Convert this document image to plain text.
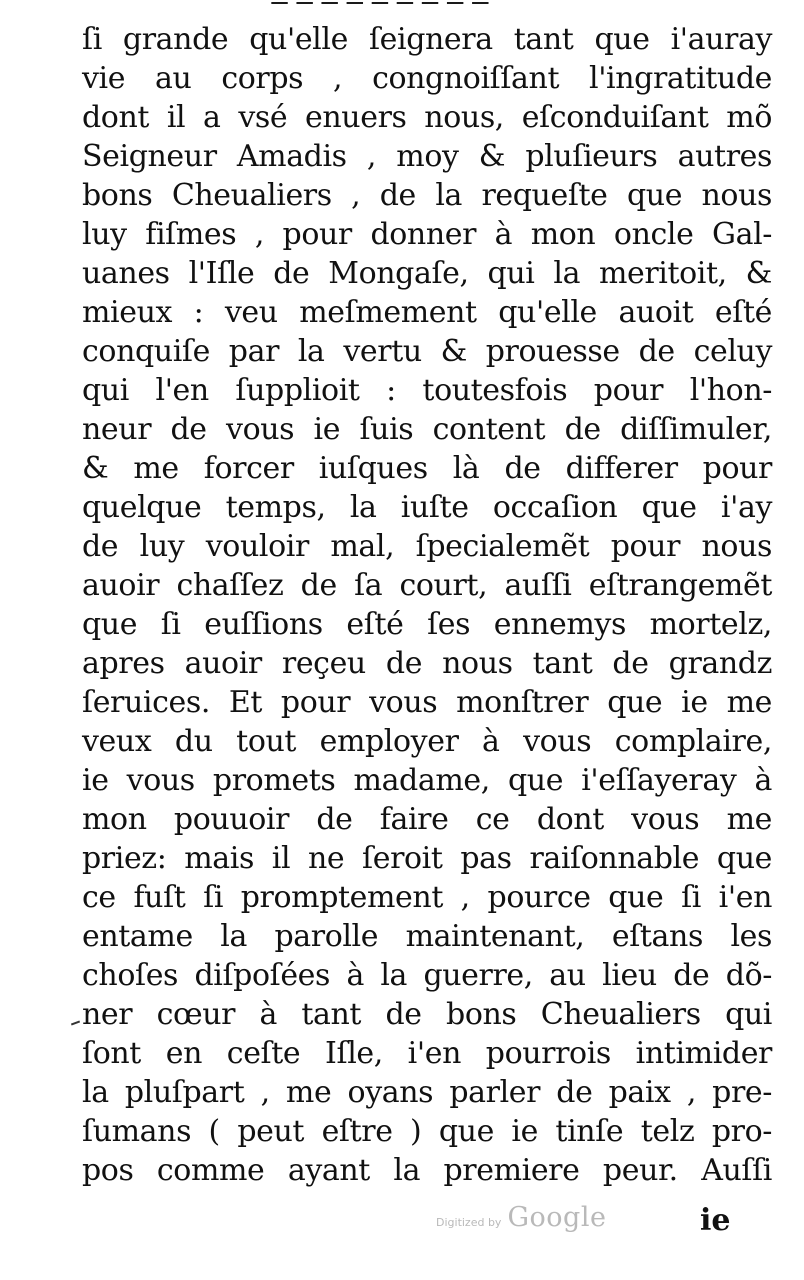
‒‒‒‒‒‒‒‒‒
ſi grande qu'elle ſeignera tant que i'auray
vie au corps , congnoiſſant l'ingratitude
dont il a vsé enuers nous, eſconduiſant mõ
Seigneur Amadis , moy & pluſieurs autres
bons Cheualiers , de la requeſte que nous
luy fiſmes , pour donner à mon oncle Gal-
uanes l'Iſle de Mongaſe, qui la meritoit, &
mieux : veu meſmement qu'elle auoit eſté
conquiſe par la vertu & prouesse de celuy
qui l'en ſupplioit : toutesfois pour l'hon-
neur de vous ie ſuis content de diſſimuler,
& me forcer iuſques là de differer pour
quelque temps, la iuſte occaſion que i'ay
de luy vouloir mal, ſpecialemẽt pour nous
auoir chaſſez de ſa court, auſſi eſtrangemẽt
que ſi euſſions eſté ſes ennemys mortelz,
apres auoir reçeu de nous tant de grandz
ſeruices. Et pour vous monſtrer que ie me
veux du tout employer à vous complaire,
ie vous promets madame, que i'eſſayeray à
mon pouuoir de faire ce dont vous me
priez: mais il ne ſeroit pas raiſonnable que
ce fuſt ſi promptement , pource que ſi i'en
entame la parolle maintenant, eſtans les
choſes diſpoſées à la guerre, au lieu de dõ-
ner cœur à tant de bons Cheualiers qui
ſont en ceſte Iſle, i'en pourrois intimider
la pluſpart , me oyans parler de paix , pre-
ſumans ( peut eſtre ) que ie tinſe telz pro-
pos comme ayant la premiere peur. Auſſi
Digitized by Google	ie
